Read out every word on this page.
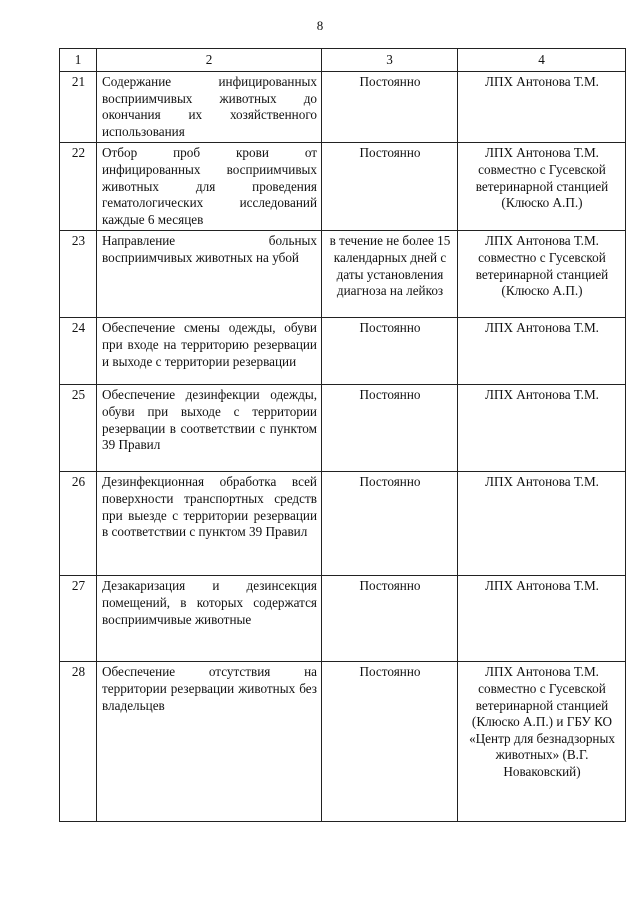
8
1	2	3	4
21	Содержание инфицированных восприимчивых животных до окончания их хозяйственного использования	Постоянно	ЛПХ Антонова Т.М.
22	Отбор проб крови от инфицированных восприимчивых животных для проведения гематологических исследований каждые 6 месяцев	Постоянно	ЛПХ Антонова Т.М. совместно с Гусевской ветеринарной станцией (Клюско А.П.)
23	Направление больных восприимчивых животных на убой	в течение не более 15 календарных дней с даты установления диагноза на лейкоз	ЛПХ Антонова Т.М. совместно с Гусевской ветеринарной станцией (Клюско А.П.)
24	Обеспечение смены одежды, обуви при входе на территорию резервации и выходе с территории резервации	Постоянно	ЛПХ Антонова Т.М.
25	Обеспечение дезинфекции одежды, обуви при выходе с территории резервации в соответствии с пунктом 39 Правил	Постоянно	ЛПХ Антонова Т.М.
26	Дезинфекционная обработка всей поверхности транспортных средств при выезде с территории резервации в соответствии с пунктом 39 Правил	Постоянно	ЛПХ Антонова Т.М.
27	Дезакаризация и дезинсекция помещений, в которых содержатся восприимчивые животные	Постоянно	ЛПХ Антонова Т.М.
28	Обеспечение отсутствия на территории резервации животных без владельцев	Постоянно	ЛПХ Антонова Т.М. совместно с Гусевской ветеринарной станцией (Клюско А.П.) и ГБУ КО «Центр для безнадзорных животных» (В.Г. Новаковский)
